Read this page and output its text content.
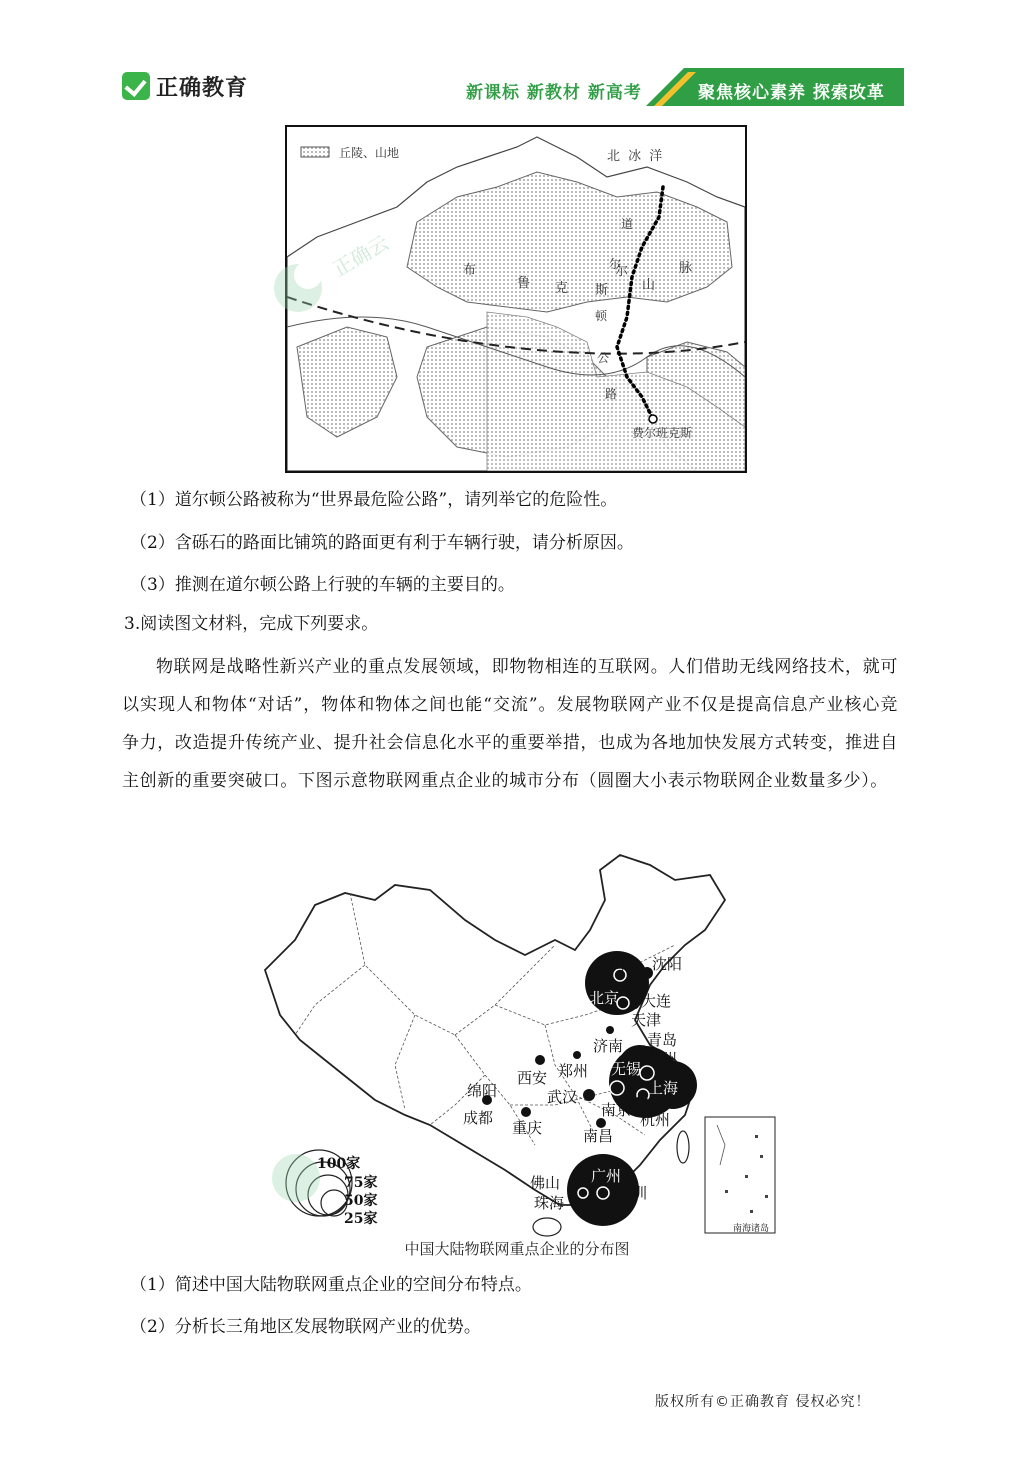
正确教育	新课标 新教材 新高考	聚焦核心素养 探索改革
丘陵、山地	北 冰 洋
布
鲁 克 斯
尔
山
脉
道
尔
顿
公
路
费尔班克斯
正确云
（1）道尔顿公路被称为“世界最危险公路”，请列举它的危险性。
（2）含砾石的路面比铺筑的路面更有利于车辆行驶，请分析原因。
（3）推测在道尔顿公路上行驶的车辆的主要目的。
3.阅读图文材料，完成下列要求。
物联网是战略性新兴产业的重点发展领域，即物物相连的互联网。人们借助无线网络技术，就可以实现人和物体“对话”，物体和物体之间也能“交流”。发展物联网产业不仅是提高信息产业核心竞争力，改造提升传统产业、提升社会信息化水平的重要举措，也成为各地加快发展方式转变，推进自主创新的重要突破口。下图示意物联网重点企业的城市分布（圆圈大小表示物联网企业数量多少）。
唐山 沈阳
北京 大连
天津
青岛
济南
苏州
郑州 无锡
西安
上海
绵阳	武汉
南京
杭州
成都
重庆	南昌
广州
佛山
深圳
珠海
南海诸岛
100家
75家
50家
25家
中国大陆物联网重点企业的分布图
（1）简述中国大陆物联网重点企业的空间分布特点。
（2）分析长三角地区发展物联网产业的优势。
版权所有©正确教育 侵权必究！
